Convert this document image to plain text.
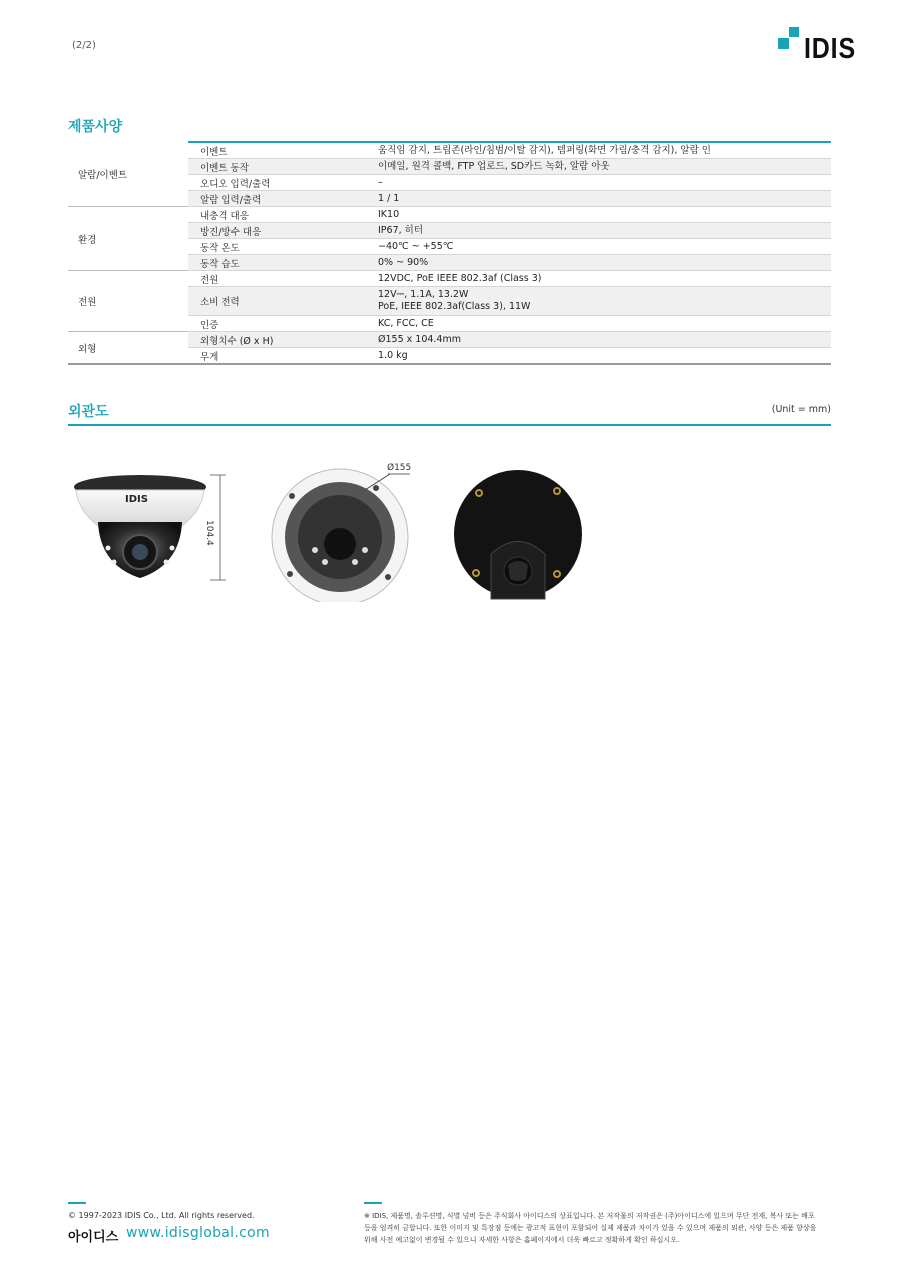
(2/2)	IDIS
제품사양
알람/이벤트	이벤트	움직임 감지, 트립존(라인/침범/이탈 감지), 템퍼링(화면 가림/충격 감지), 알람 인

	이벤트 동작	이메일, 원격 콜백, FTP 업로드, SD카드 녹화, 알람 아웃

	오디오 입력/출력	–

	알람 입력/출력	1 / 1

환경	내충격 대응	IK10

	방진/방수 대응	IP67, 히터

	동작 온도	−40℃ ~ +55℃

	동작 습도	0% ~ 90%

전원	전원	12VDC, PoE IEEE 802.3af (Class 3)

	소비 전력	12V⎓, 1.1A, 13.2W
PoE, IEEE 802.3af(Class 3), 11W

	인증	KC, FCC, CE

외형	외형치수 (Ø x H)	Ø155 x 104.4mm

	무게	1.0 kg
외관도	(Unit = mm)
IDIS
104.4
Ø155
© 1997-2023 IDIS Co., Ltd. All rights reserved.
아이디스 www.idisglobal.com
※ IDIS, 제품명, 솔루션명, 식별 넘버 등은 주식회사 아이디스의 상표입니다. 본 저작물의 저작권은 (주)아이디스에 있으며 무단 전재, 복사 또는 배포
등을 엄격히 금합니다. 또한 이미지 및 특장점 등에는 광고적 표현이 포함되어 실제 제품과 차이가 있을 수 있으며 제품의 외관, 사양 등은 제품 향상을
위해 사전 예고없이 변경될 수 있으니 자세한 사항은 홈페이지에서 더욱 빠르고 정확하게 확인 하십시오.
